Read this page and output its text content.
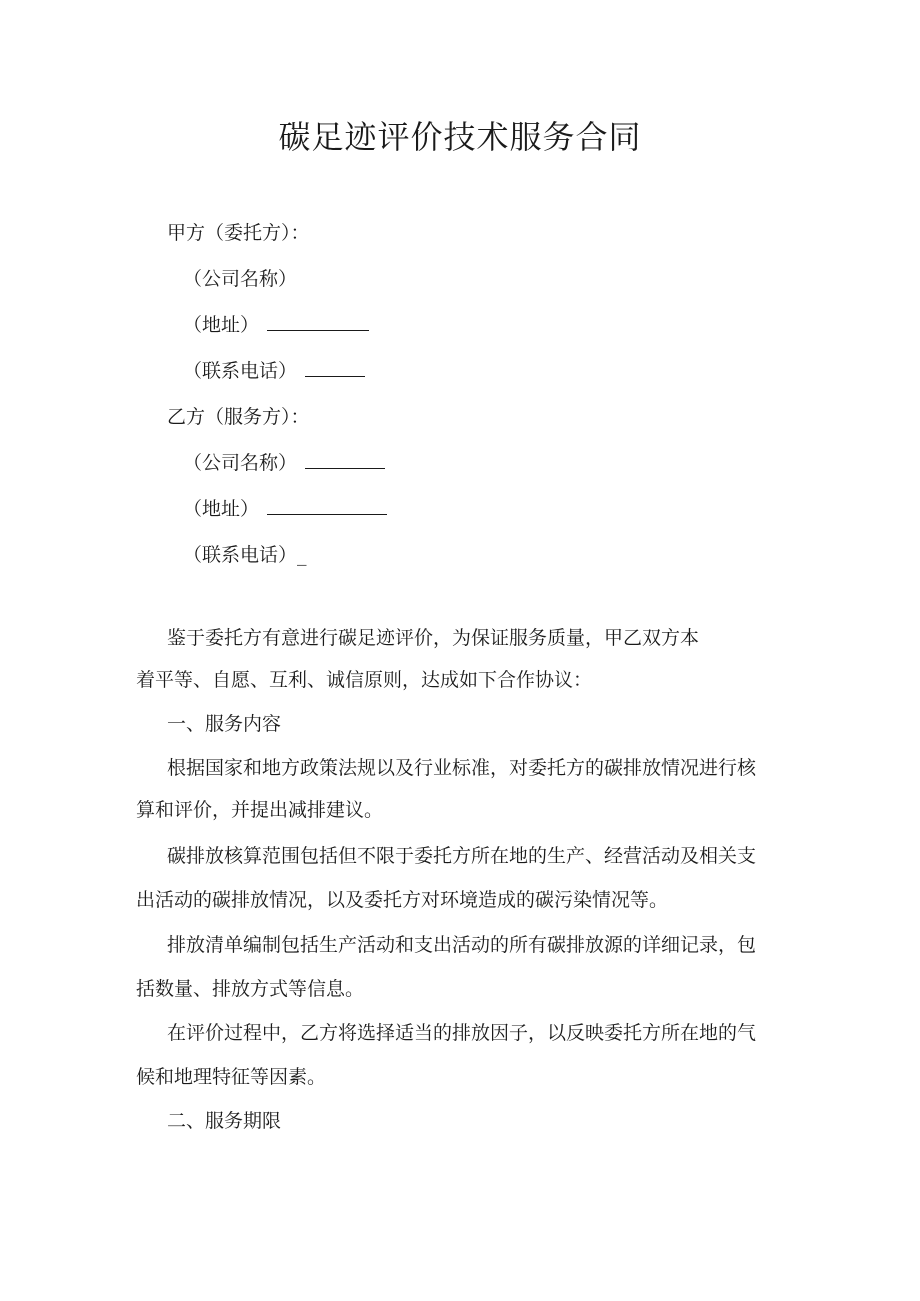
碳足迹评价技术服务合同
甲方（委托方）：
（公司名称）
（地址）
（联系电话）
乙方（服务方）：
（公司名称）
（地址）
（联系电话）_
鉴于委托方有意进行碳足迹评价，为保证服务质量，甲乙双方本
着平等、自愿、互利、诚信原则，达成如下合作协议：
一、服务内容
根据国家和地方政策法规以及行业标准，对委托方的碳排放情况进行核
算和评价，并提出减排建议。
碳排放核算范围包括但不限于委托方所在地的生产、经营活动及相关支
出活动的碳排放情况，以及委托方对环境造成的碳污染情况等。
排放清单编制包括生产活动和支出活动的所有碳排放源的详细记录，包
括数量、排放方式等信息。
在评价过程中，乙方将选择适当的排放因子，以反映委托方所在地的气
候和地理特征等因素。
二、服务期限
